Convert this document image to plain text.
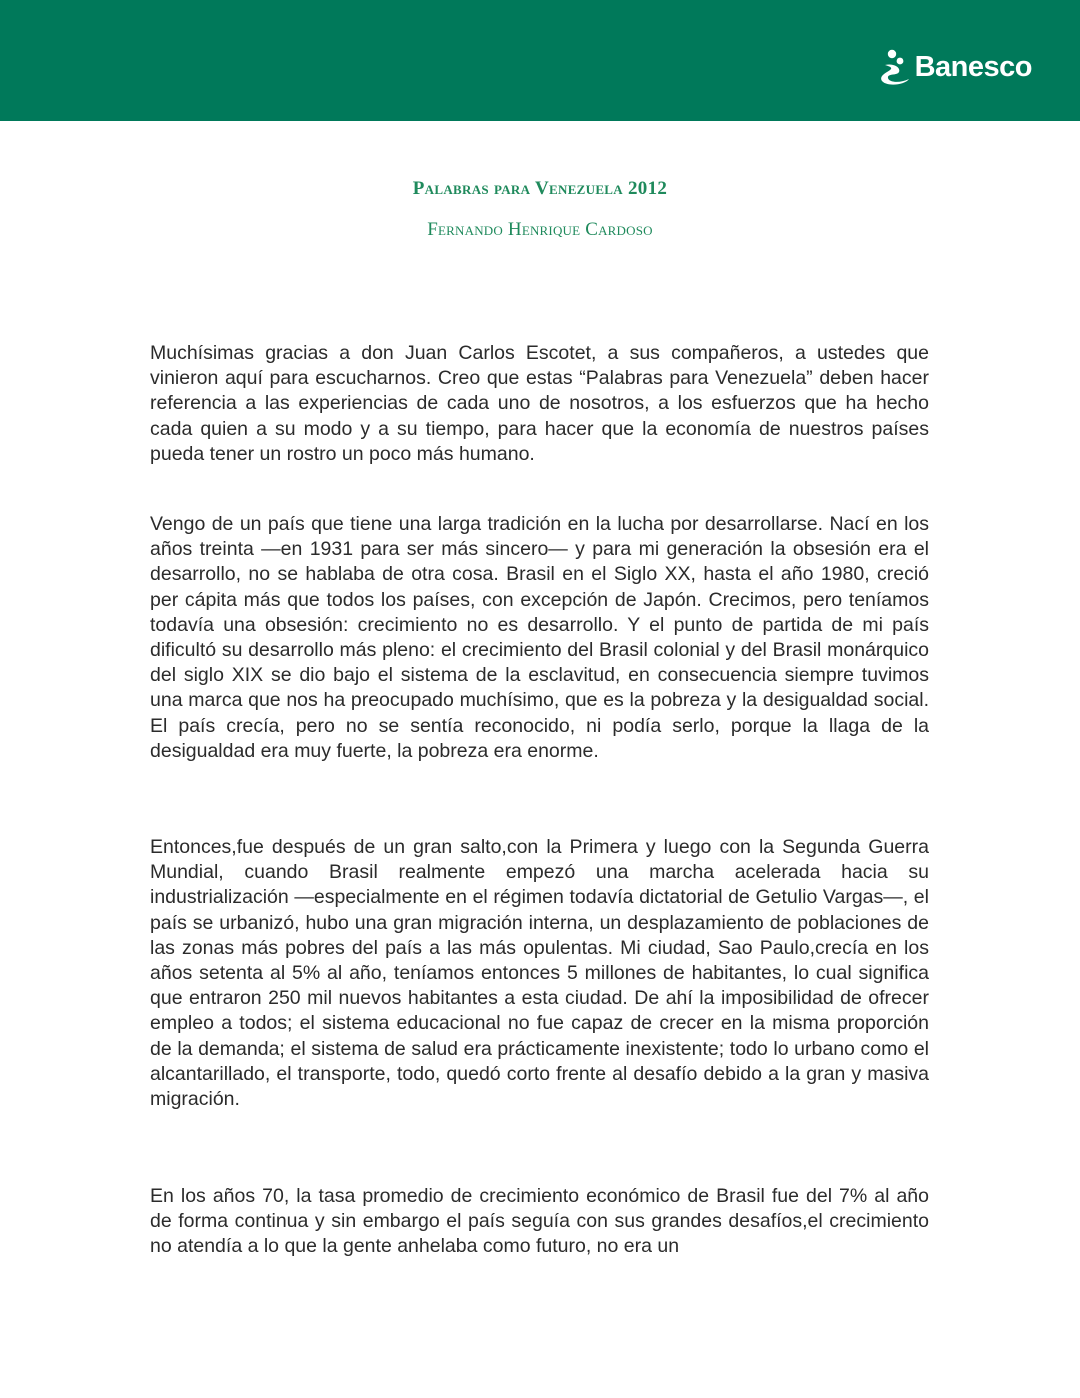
Banesco
Palabras para Venezuela 2012
Fernando Henrique Cardoso

Muchísimas gracias a don Juan Carlos Escotet, a sus compañeros, a ustedes que vinieron aquí para escucharnos. Creo que estas “Palabras para Venezuela” deben hacer referencia a las experiencias de cada uno de nosotros, a los esfuerzos que ha hecho cada quien a su modo y a su tiempo, para hacer que la economía de nuestros países pueda tener un rostro un poco más humano.

Vengo de un país que tiene una larga tradición en la lucha por desarrollarse. Nací en los años treinta —en 1931 para ser más sincero— y para mi generación la obsesión era el desarrollo, no se hablaba de otra cosa. Brasil en el Siglo XX, hasta el año 1980, creció per cápita más que todos los países, con excepción de Japón. Crecimos, pero teníamos todavía una obsesión: crecimiento no es desarrollo. Y el punto de partida de mi país dificultó su desarrollo más pleno: el crecimiento del Brasil colonial y del Brasil monárquico del siglo XIX se dio bajo el sistema de la esclavitud, en consecuencia siempre tuvimos una marca que nos ha preocupado muchísimo, que es la pobreza y la desigualdad social. El país crecía, pero no se sentía reconocido, ni podía serlo, porque la llaga de la desigualdad era muy fuerte, la pobreza era enorme.

Entonces,fue después de un gran salto,con la Primera y luego con la Segunda Guerra Mundial, cuando Brasil realmente empezó una marcha acelerada hacia su industrialización —especialmente en el régimen todavía dictatorial de Getulio Vargas—, el país se urbanizó, hubo una gran migración interna, un desplazamiento de poblaciones de las zonas más pobres del país a las más opulentas. Mi ciudad, Sao Paulo,crecía en los años setenta al 5% al año, teníamos entonces 5 millones de habitantes, lo cual significa que entraron 250 mil nuevos habitantes a esta ciudad. De ahí la imposibilidad de ofrecer empleo a todos; el sistema educacional no fue capaz de crecer en la misma proporción de la demanda; el sistema de salud era prácticamente inexistente; todo lo urbano como el alcantarillado, el transporte, todo, quedó corto frente al desafío debido a la gran y masiva migración.

En los años 70, la tasa promedio de crecimiento económico de Brasil fue del 7% al año de forma continua y sin embargo el país seguía con sus grandes desafíos,el crecimiento no atendía a lo que la gente anhelaba como futuro, no era un
